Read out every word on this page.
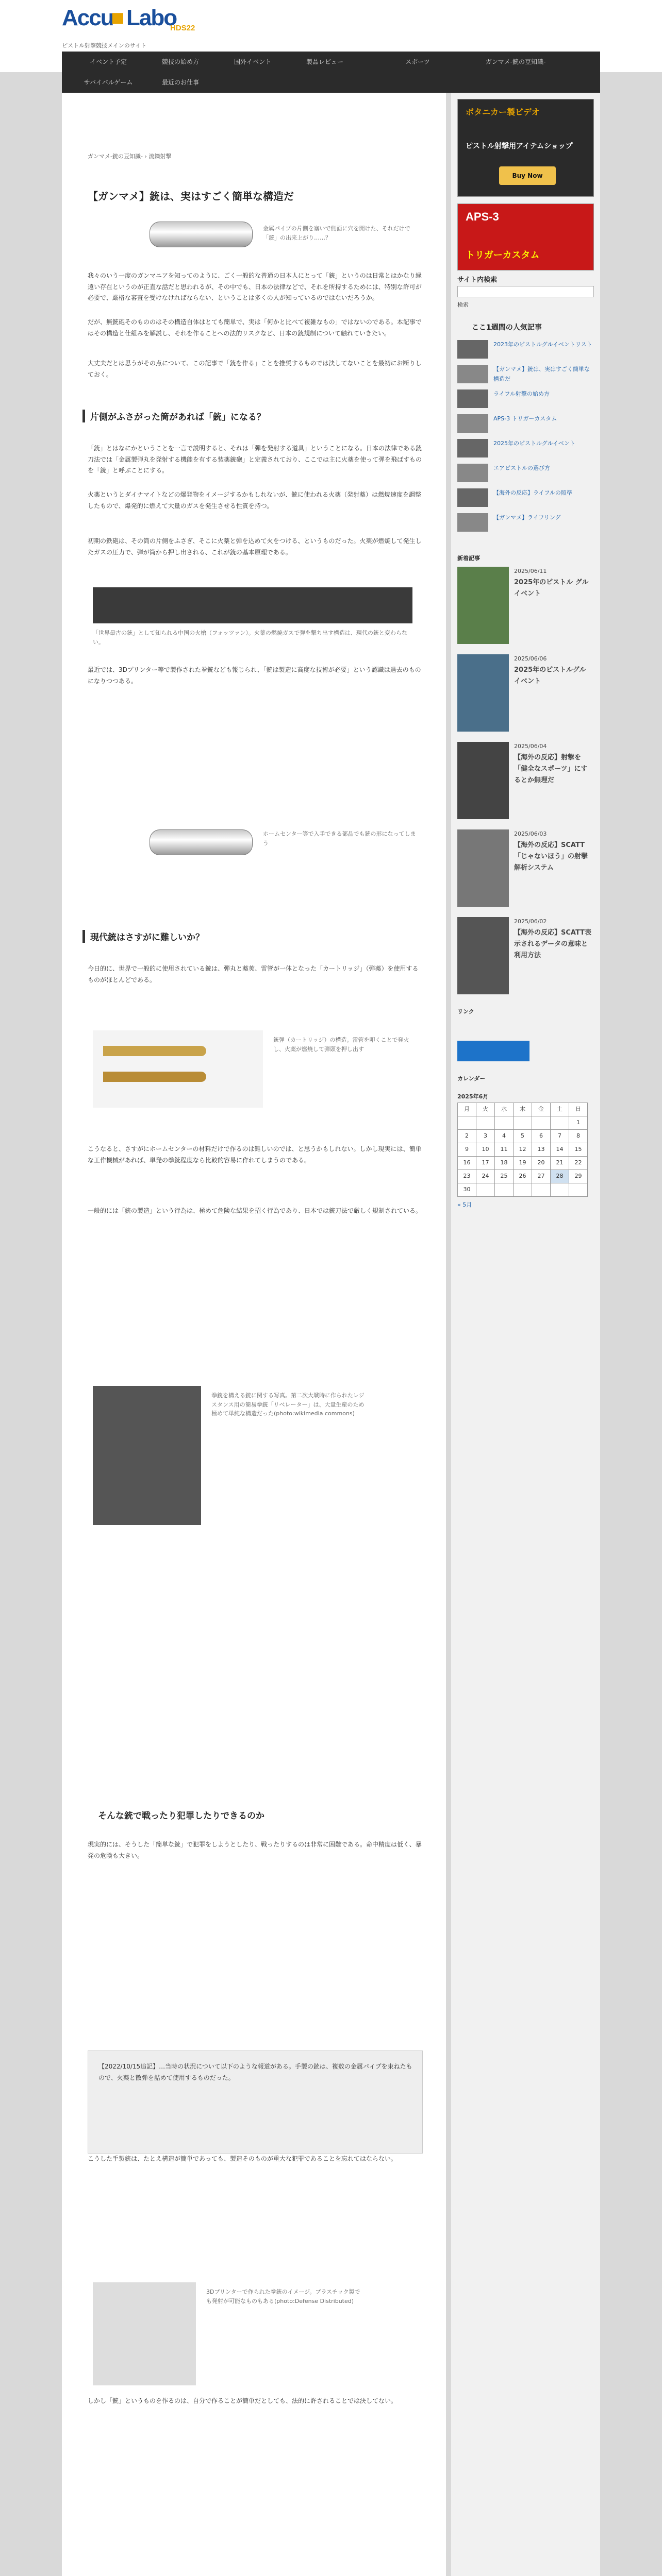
Accu
■ Labo
HDS22
ピストル射撃競技メインのサイト
イベント予定	競技の始め方	国外イベント	製品レビュー	スポーツ	ガンマメ-銃の豆知識-
サバイバルゲーム	最近のお仕事
ガンマメ-銃の豆知識- › 流鏑射撃
【ガンマメ】銃は、実はすごく簡単な構造だ
金属パイプの片側を塞いで側面に穴を開けた、それだけで「銃」の出来上がり……？
我々のいう一度のガンマニアを知ってのように、ごく一般的な普通の日本人にとって「銃」というのは日常とはかなり縁遠い存在というのが正直な話だと思われるが、その中でも、日本の法律などで、それを所持するためには、特別な許可が必要で、厳格な審査を受けなければならない、ということは多くの人が知っているのではないだろうか。
だが、無銃砲そのもののはその構造自体はとても簡単で、実は「何かと比べて複雑なもの」ではないのである。本記事ではその構造と仕組みを解説し、それを作ることへの法的リスクなど、日本の銃規制について触れていきたい。
大丈夫だとは思うがその点について、この記事で「銃を作る」ことを推奨するものでは決してないことを最初にお断りしておく。
片側がふさがった筒があれば「銃」になる？
「銃」とはなにかということを一言で説明すると、それは「弾を発射する道具」ということになる。日本の法律である銃刀法では「金属製弾丸を発射する機能を有する装薬銃砲」と定義されており、ここでは主に火薬を使って弾を飛ばすものを「銃」と呼ぶことにする。
火薬というとダイナマイトなどの爆発物をイメージするかもしれないが、銃に使われる火薬（発射薬）は燃焼速度を調整したもので、爆発的に燃えて大量のガスを発生させる性質を持つ。
初期の鉄砲は、その筒の片側をふさぎ、そこに火薬と弾を込めて火をつける、というものだった。火薬が燃焼して発生したガスの圧力で、弾が筒から押し出される、これが銃の基本原理である。
「世界最古の銃」として知られる中国の火槍（フォッツァン）。火薬の燃焼ガスで弾を撃ち出す構造は、現代の銃と変わらない。
最近では、3Dプリンター等で製作された拳銃なども報じられ、「銃は製造に高度な技術が必要」という認識は過去のものになりつつある。
ホームセンター等で入手できる部品でも銃の形になってしまう
現代銃はさすがに難しいか？
今日的に、世界で一般的に使用されている銃は、弾丸と薬莢、雷管が一体となった「カートリッジ」（弾薬）を使用するものがほとんどである。
銃弾（カートリッジ）の構造。雷管を叩くことで発火し、火薬が燃焼して弾頭を押し出す
こうなると、さすがにホームセンターの材料だけで作るのは難しいのでは、と思うかもしれない。しかし現実には、簡単な工作機械があれば、単発の拳銃程度なら比較的容易に作れてしまうのである。
一般的には「銃の製造」という行為は、極めて危険な結果を招く行為であり、日本では銃刀法で厳しく規制されている。
拳銃を構える銃に関する写真。第二次大戦時に作られたレジスタンス用の簡易拳銃「リベレーター」は、大量生産のため極めて単純な構造だった(photo:wikimedia commons)
そんな銃で戦ったり犯罪したりできるのか
現実的には、そうした「簡単な銃」で犯罪をしようとしたり、戦ったりするのは非常に困難である。命中精度は低く、暴発の危険も大きい。
【2022/10/15追記】…当時の状況について以下のような報道がある。手製の銃は、複数の金属パイプを束ねたもので、火薬と散弾を詰めて使用するものだった。
こうした手製銃は、たとえ構造が簡単であっても、製造そのものが重大な犯罪であることを忘れてはならない。
3Dプリンターで作られた拳銃のイメージ。プラスチック製でも発射が可能なものもある(photo:Defense Distributed)
しかし「銃」というものを作るのは、自分で作ることが簡単だとしても、法的に許されることでは決してない。
ボタニカー製ビデオ
ピストル射撃用アイテムショップ
Buy Now
APS-3
トリガーカスタム
サイト内検索
検索
ここ1週間の人気記事
2023年のピストルグルイベントリスト
【ガンマメ】銃は、実はすごく簡単な構造だ
ライフル射撃の始め方
APS-3 トリガーカスタム
2025年のピストルグルイベント
エアピストルの選び方
【海外の反応】ライフルの照準
【ガンマメ】ライフリング
新着記事
2025/06/11
2025年のピストル グルイベント
2025/06/06
2025年のピストルグルイベント
2025/06/04
【海外の反応】射撃を「健全なスポーツ」にするとか無理だ
2025/06/03
【海外の反応】SCATT「じゃないほう」の射撃解析システム
2025/06/02
【海外の反応】SCATT表示されるデータの意味と利用方法
リンク
カレンダー
2025年6月
月	火	水	木	金	土	日
						1
2	3	4	5	6	7	8
9	10	11	12	13	14	15
16	17	18	19	20	21	22
23	24	25	26	27	28	29
30						
« 5月
